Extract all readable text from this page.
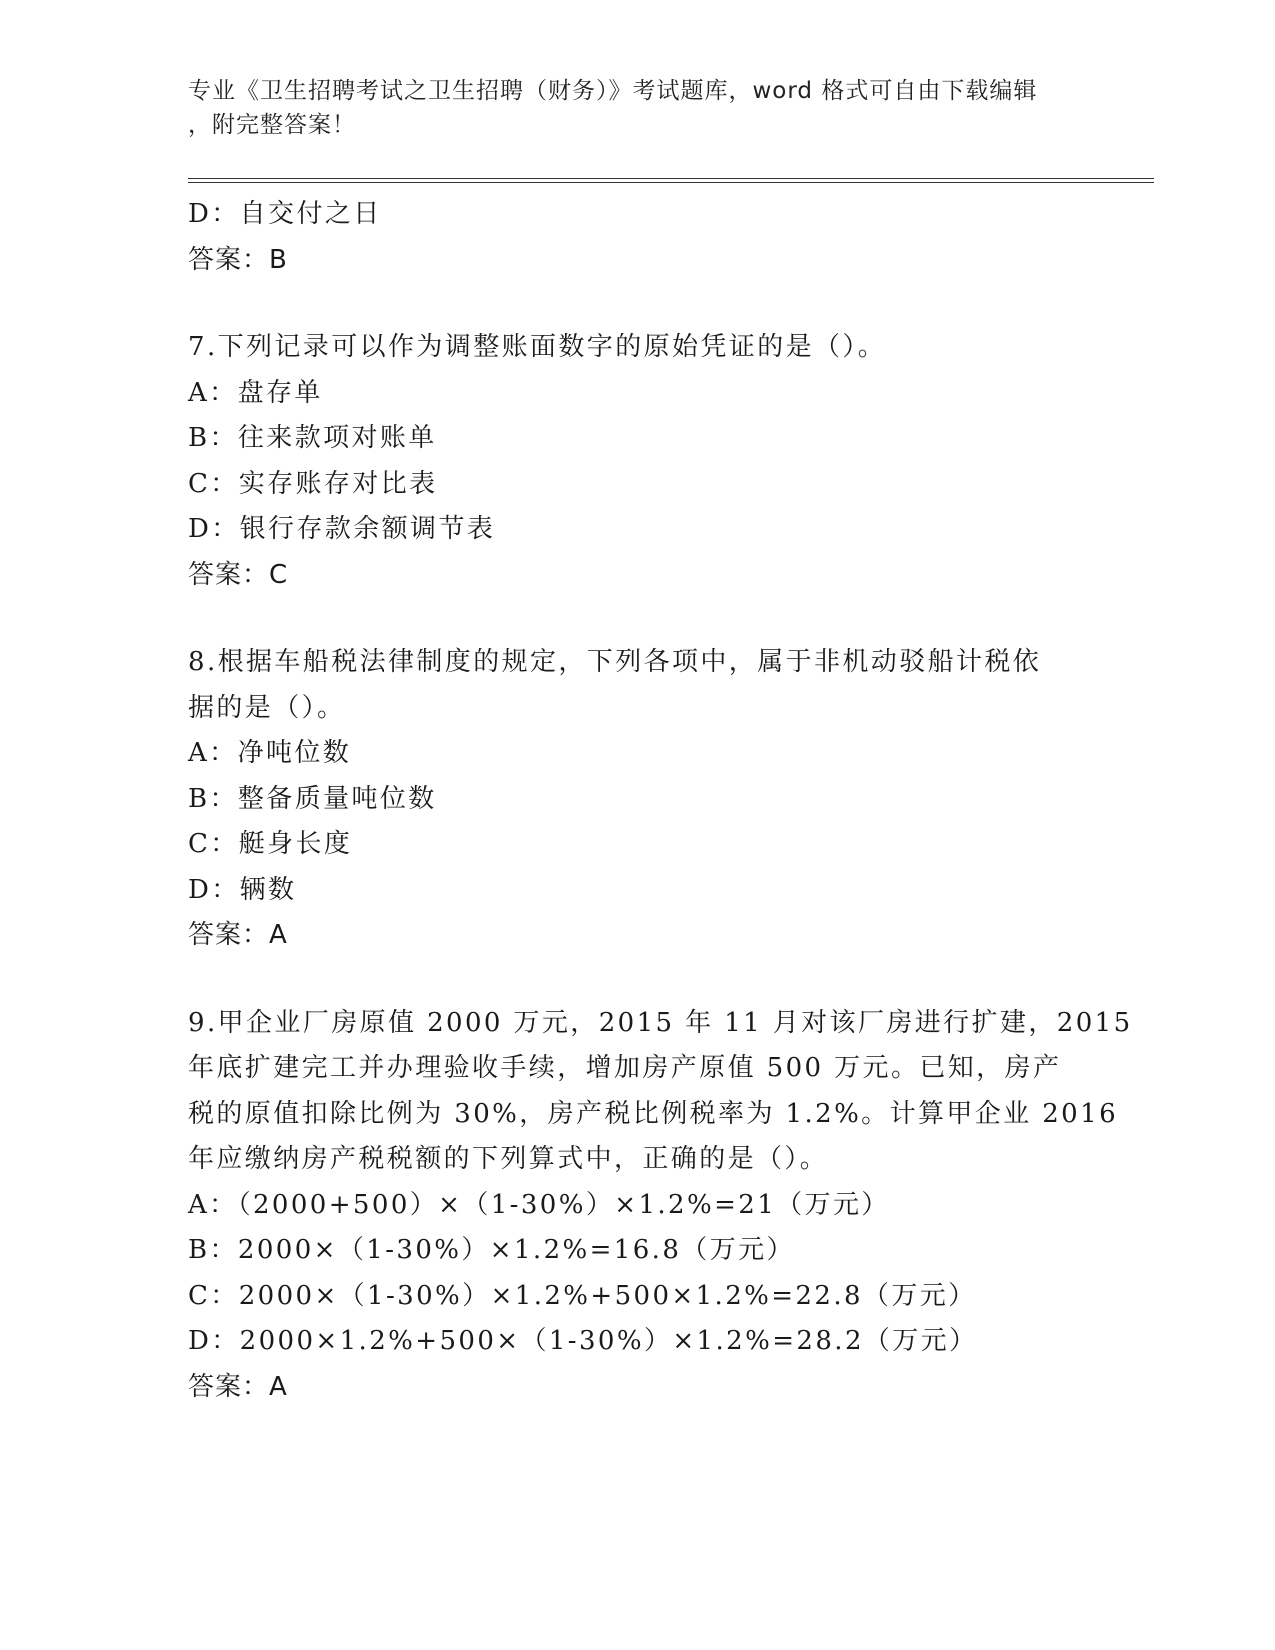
专业《卫生招聘考试之卫生招聘（财务）》考试题库，word 格式可自由下载编辑
，附完整答案！
D：自交付之日
答案：B
7.下列记录可以作为调整账面数字的原始凭证的是（）。
A：盘存单
B：往来款项对账单
C：实存账存对比表
D：银行存款余额调节表
答案：C
8.根据车船税法律制度的规定，下列各项中，属于非机动驳船计税依
据的是（）。
A：净吨位数
B：整备质量吨位数
C：艇身长度
D：辆数
答案：A
9.甲企业厂房原值 2000 万元，2015 年 11 月对该厂房进行扩建，2015
年底扩建完工并办理验收手续，增加房产原值 500 万元。已知，房产
税的原值扣除比例为 30%，房产税比例税率为 1.2%。计算甲企业 2016
年应缴纳房产税税额的下列算式中，正确的是（）。
A：（2000+500）×（1-30%）×1.2%=21（万元）
B：2000×（1-30%）×1.2%=16.8（万元）
C：2000×（1-30%）×1.2%+500×1.2%=22.8（万元）
D：2000×1.2%+500×（1-30%）×1.2%=28.2（万元）
答案：A
